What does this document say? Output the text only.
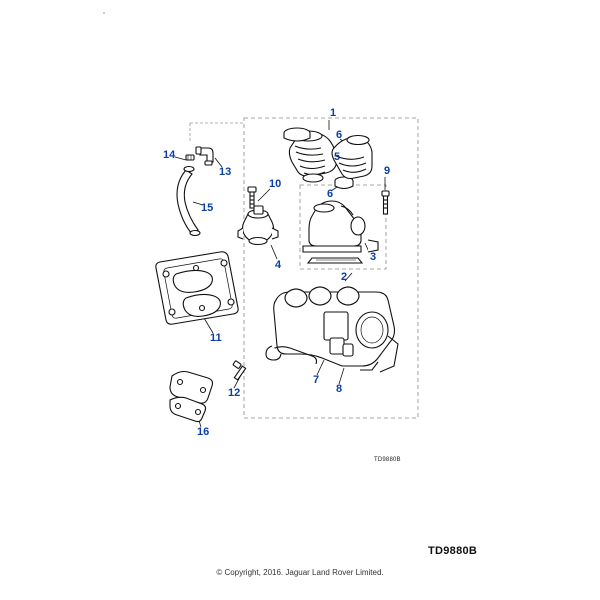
1
2
3
4
5
6
6
7
8
9
10
11
12
13
14
15
16
TD9880B
TD9880B
© Copyright, 2016. Jaguar Land Rover Limited.
